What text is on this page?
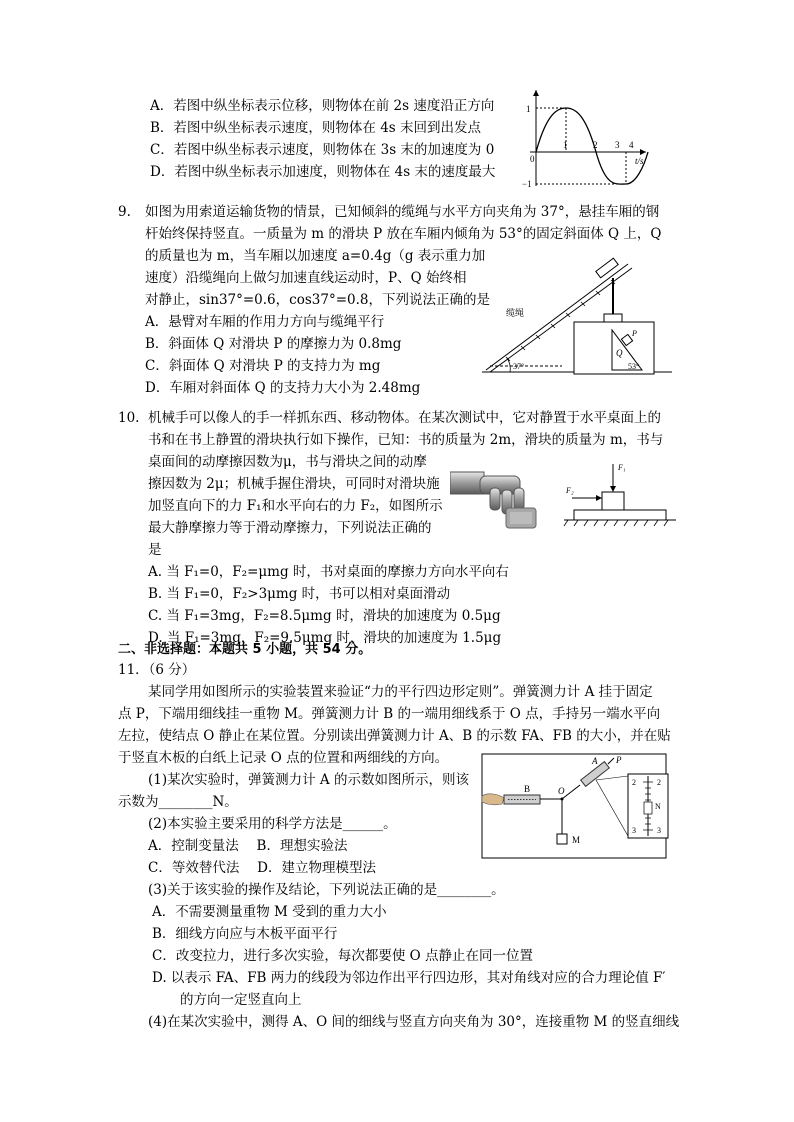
A．若图中纵坐标表示位移，则物体在前 2s 速度沿正方向
B．若图中纵坐标表示速度，则物体在 4s 末回到出发点
C．若图中纵坐标表示速度，则物体在 3s 末的加速度为 0
D．若图中纵坐标表示加速度，则物体在 4s 末的速度最大
1
−1
0
1	2 3 4
t/s
9. 如图为用索道运输货物的情景，已知倾斜的缆绳与水平方向夹角为 37°，悬挂车厢的钢
杆始终保持竖直。一质量为 m 的滑块 P 放在车厢内倾角为 53°的固定斜面体 Q 上，Q
的质量也为 m，当车厢以加速度 a=0.4g（g 表示重力加
速度）沿缆绳向上做匀加速直线运动时，P、Q 始终相
对静止，sin37°=0.6，cos37°=0.8，下列说法正确的是
A．悬臂对车厢的作用力方向与缆绳平行
B．斜面体 Q 对滑块 P 的摩擦力为 0.8mg
C．斜面体 Q 对滑块 P 的支持力为 mg
D．车厢对斜面体 Q 的支持力大小为 2.48mg
37°	53°
Q
P
缆绳
10. 机械手可以像人的手一样抓东西、移动物体。在某次测试中，它对静置于水平桌面上的
书和在书上静置的滑块执行如下操作，已知：书的质量为 2m，滑块的质量为 m，书与
桌面间的动摩擦因数为μ，书与滑块之间的动摩
擦因数为 2μ；机械手握住滑块，可同时对滑块施
加竖直向下的力 F₁和水平向右的力 F₂，如图所示
最大静摩擦力等于滑动摩擦力，下列说法正确的
是
A. 当 F₁=0，F₂=μmg 时，书对桌面的摩擦力方向水平向右
B. 当 F₁=0，F₂>3μmg 时，书可以相对桌面滑动
C. 当 F₁=3mg，F₂=8.5μmg 时，滑块的加速度为 0.5μg
D. 当 F₁=3mg，F₂=9.5μmg 时，滑块的加速度为 1.5μg
F₁
F₂
二、非选择题：本题共 5 小题，共 54 分。
11．（6 分）
某同学用如图所示的实验装置来验证“力的平行四边形定则”。弹簧测力计 A 挂于固定
点 P，下端用细线挂一重物 M。弹簧测力计 B 的一端用细线系于 O 点，手持另一端水平向
左拉，使结点 O 静止在某位置。分别读出弹簧测力计 A、B 的示数 FA、FB 的大小，并在贴
于竖直木板的白纸上记录 O 点的位置和两细线的方向。
(1)某次实验时，弹簧测力计 A 的示数如图所示，则该
示数为________N。
(2)本实验主要采用的科学方法是______。
A．控制变量法　 B．理想实验法
C．等效替代法　 D．建立物理模型法
(3)关于该实验的操作及结论，下列说法正确的是________。
A．不需要测量重物 M 受到的重力大小
B．细线方向应与木板平面平行
C．改变拉力，进行多次实验，每次都要使 O 点静止在同一位置
D. 以表示 FA、FB 两力的线段为邻边作出平行四边形，其对角线对应的合力理论值 F′
的方向一定竖直向上
(4)在某次实验中，测得 A、O 间的细线与竖直方向夹角为 30°，连接重物 M 的竖直细线
B	O
M
A P
2	2
N
3	3
